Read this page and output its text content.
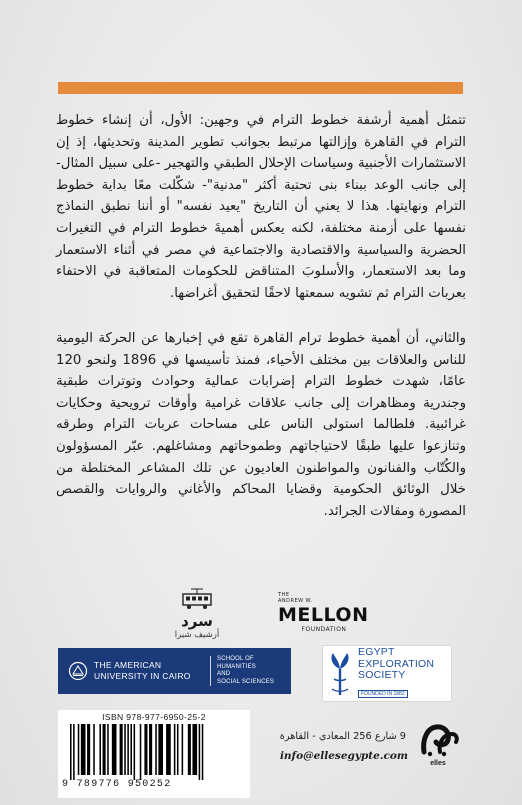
تتمثل أهمية أرشفة خطوط الترام في وجهين: الأول، أن إنشاء خطوط الترام في القاهرة وإزالتها مرتبط بجوانب تطوير المدينة وتحديثها، إذ إن الاستثمارات الأجنبية وسياسات الإحلال الطبقي والتهجير -على سبيل المثال- إلى جانب الوعد ببناء بنى تحتية أكثر "مدنية"- شكّلت معًا بداية خطوط الترام ونهايتها. هذا لا يعني أن التاريخ "يعيد نفسه" أو أننا نطبق النماذج نفسها على أزمنة مختلفة، لكنه يعكس أهميةَ خطوط الترام في التغيرات الحضرية والسياسية والاقتصادية والاجتماعية في مصر في أثناء الاستعمار وما بعد الاستعمار، والأسلوبَ المتناقض للحكومات المتعاقبة في الاحتفاء بعربات الترام ثم تشويه سمعتها لاحقًا لتحقيق أغراضها.

والثاني، أن أهمية خطوط ترام القاهرة تقع في إخبارها عن الحركة اليومية للناس والعلاقات بين مختلف الأحياء، فمنذ تأسيسها في 1896 ولنحو 120 عامًا، شهدت خطوط الترام إضرابات عمالية وحوادث وتوترات طبقية وجندرية ومظاهرات إلى جانب علاقات غرامية وأوقات ترويحية وحكايات غرائبية. فلطالما استولى الناس على مساحات عربات الترام وطرقه وتنازعوا عليها طبقًا لاحتياجاتهم وطموحاتهم ومشاغلهم. عبّر المسؤولون والكُتّاب والفنانون والمواطنون العاديون عن تلك المشاعر المختلطة من خلال الوثائق الحكومية وقضايا المحاكم والأغاني والروايات والقصص المصورة ومقالات الجرائد.

سرد
أرشيف شيرا
THE
ANDREW W.
MELLON
FOUNDATION
THE AMERICAN
UNIVERSITY IN CAIRO
SCHOOL OF
HUMANITIES
AND
SOCIAL SCIENCES
EGYPT
EXPLORATION
SOCIETY
FOUNDED IN 1882
ISBN 978-977-6950-25-2
9 789776 950252
9 شارع 256 المعادي - القاهرة
info@ellesegypte.com
elles
